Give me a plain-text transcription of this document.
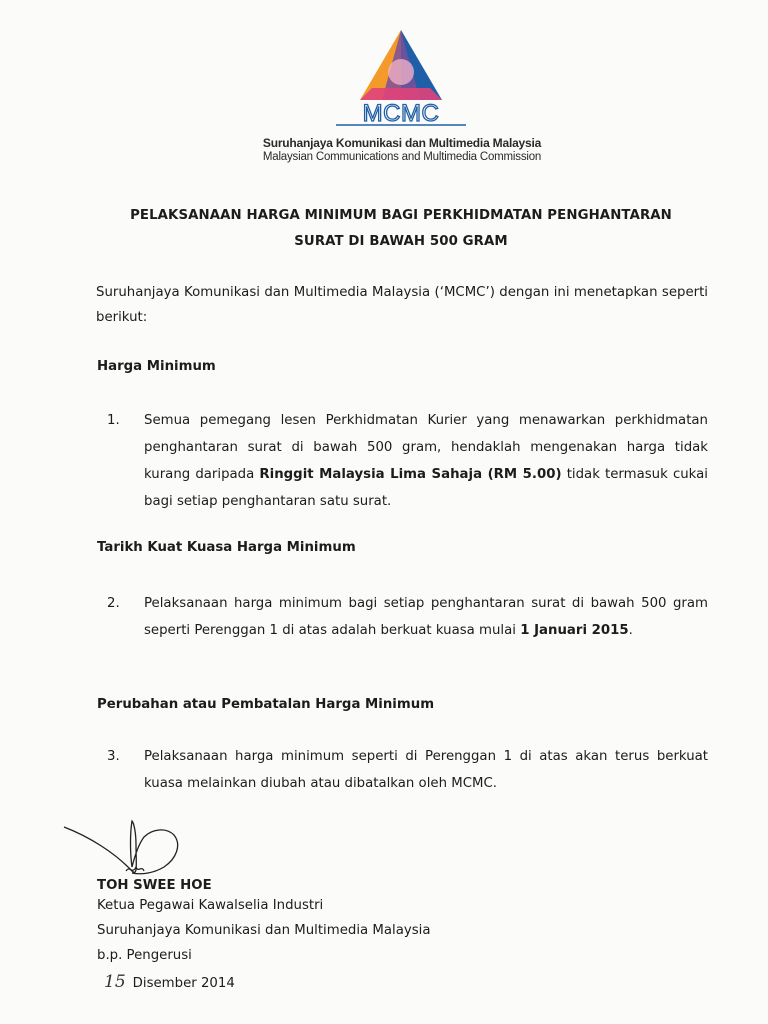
MCMC
Suruhanjaya Komunikasi dan Multimedia Malaysia
Malaysian Communications and Multimedia Commission
PELAKSANAAN HARGA MINIMUM BAGI PERKHIDMATAN PENGHANTARAN
SURAT DI BAWAH 500 GRAM
Suruhanjaya Komunikasi dan Multimedia Malaysia (‘MCMC’) dengan ini menetapkan seperti berikut:
Harga Minimum
1.	Semua pemegang lesen Perkhidmatan Kurier yang menawarkan perkhidmatan penghantaran surat di bawah 500 gram, hendaklah mengenakan harga tidak kurang daripada Ringgit Malaysia Lima Sahaja (RM 5.00) tidak termasuk cukai bagi setiap penghantaran satu surat.
Tarikh Kuat Kuasa Harga Minimum
2.	Pelaksanaan harga minimum bagi setiap penghantaran surat di bawah 500 gram seperti Perenggan 1 di atas adalah berkuat kuasa mulai 1 Januari 2015.
Perubahan atau Pembatalan Harga Minimum
3.	Pelaksanaan harga minimum seperti di Perenggan 1 di atas akan terus berkuat kuasa melainkan diubah atau dibatalkan oleh MCMC.
TOH SWEE HOE
Ketua Pegawai Kawalselia Industri
Suruhanjaya Komunikasi dan Multimedia Malaysia
b.p. Pengerusi
15 Disember 2014
